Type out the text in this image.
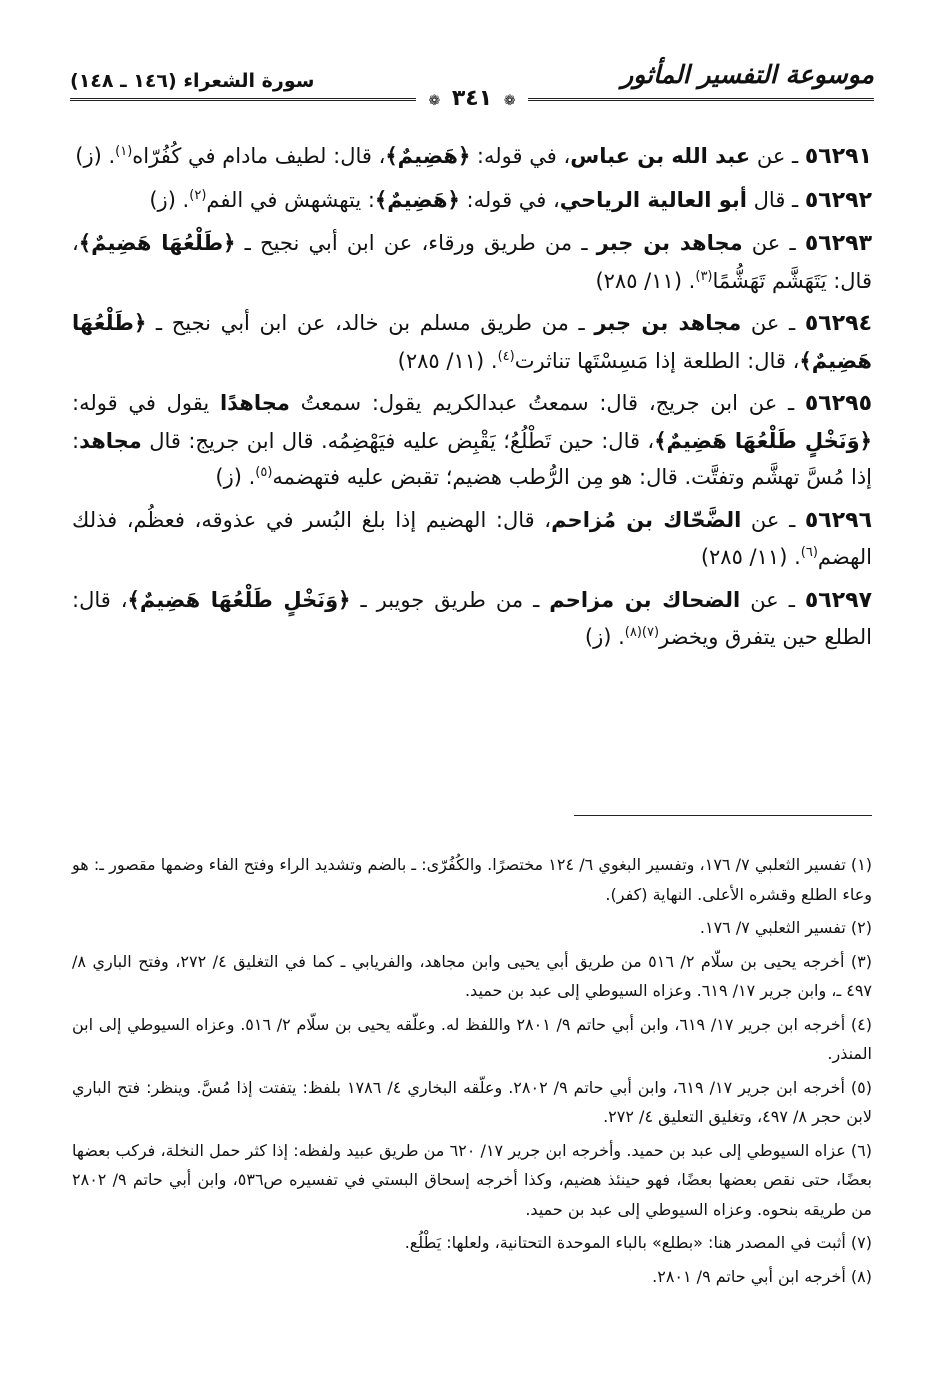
موسوعة التفسير المأثور
سورة الشعراء (١٤٦ ـ ١٤٨)
❁ ٣٤١ ❁

٥٦٢٩١ ـ عن عبد الله بن عباس، في قوله: ﴿هَضِيمٌ﴾، قال: لطيف مادام في كُفُرّاه$^{(١)}$. (ز)

٥٦٢٩٢ ـ قال أبو العالية الرياحي، في قوله: ﴿هَضِيمٌ﴾: يتهشهش في الفم$^{(٢)}$. (ز)

٥٦٢٩٣ ـ عن مجاهد بن جبر ـ من طريق ورقاء، عن ابن أبي نجيح ـ ﴿طَلْعُهَا هَضِيمٌ﴾، قال: يَتَهَشَّم تَهَشُّمًا$^{(٣)}$. (١١/ ٢٨٥)

٥٦٢٩٤ ـ عن مجاهد بن جبر ـ من طريق مسلم بن خالد، عن ابن أبي نجيح ـ ﴿طَلْعُهَا هَضِيمٌ﴾، قال: الطلعة إذا مَسِسْتَها تناثرت$^{(٤)}$. (١١/ ٢٨٥)

٥٦٢٩٥ ـ عن ابن جريج، قال: سمعتُ عبدالكريم يقول: سمعتُ مجاهدًا يقول في قوله: ﴿وَنَخْلٍ طَلْعُهَا هَضِيمٌ﴾، قال: حين تَطْلُعُ؛ يَقْبِض عليه فيَهْضِمُه. قال ابن جريج: قال مجاهد: إذا مُسَّ تهشَّم وتفتَّت. قال: هو مِن الرُّطب هضيم؛ تقبض عليه فتهضمه$^{(٥)}$. (ز)

٥٦٢٩٦ ـ عن الضَّحّاك بن مُزاحم، قال: الهضيم إذا بلغ البُسر في عذوقه، فعظُم، فذلك الهضم$^{(٦)}$. (١١/ ٢٨٥)

٥٦٢٩٧ ـ عن الضحاك بن مزاحم ـ من طريق جويبر ـ ﴿وَنَخْلٍ طَلْعُهَا هَضِيمٌ﴾، قال: الطلع حين يتفرق ويخضر$^{(٧)(٨)}$. (ز)

(١) تفسير الثعلبي ٧/ ١٧٦، وتفسير البغوي ٦/ ١٢٤ مختصرًا. والكُفُرّى: ـ بالضم وتشديد الراء وفتح الفاء وضمها مقصور ـ: هو وعاء الطلع وقشره الأعلى. النهاية (كفر).

(٢) تفسير الثعلبي ٧/ ١٧٦.

(٣) أخرجه يحيى بن سلّام ٢/ ٥١٦ من طريق أبي يحيى وابن مجاهد، والفريابي ـ كما في التغليق ٤/ ٢٧٢، وفتح الباري ٨/ ٤٩٧ ـ، وابن جرير ١٧/ ٦١٩. وعزاه السيوطي إلى عبد بن حميد.

(٤) أخرجه ابن جرير ١٧/ ٦١٩، وابن أبي حاتم ٩/ ٢٨٠١ واللفظ له. وعلّقه يحيى بن سلّام ٢/ ٥١٦. وعزاه السيوطي إلى ابن المنذر.

(٥) أخرجه ابن جرير ١٧/ ٦١٩، وابن أبي حاتم ٩/ ٢٨٠٢. وعلّقه البخاري ٤/ ١٧٨٦ بلفظ: يتفتت إذا مُسَّ. وينظر: فتح الباري لابن حجر ٨/ ٤٩٧، وتغليق التعليق ٤/ ٢٧٢.

(٦) عزاه السيوطي إلى عبد بن حميد. وأخرجه ابن جرير ١٧/ ٦٢٠ من طريق عبيد ولفظه: إذا كثر حمل النخلة، فركب بعضها بعضًا، حتى نقص بعضها بعضًا، فهو حينئذ هضيم، وكذا أخرجه إسحاق البستي في تفسيره ص٥٣٦، وابن أبي حاتم ٩/ ٢٨٠٢ من طريقه بنحوه. وعزاه السيوطي إلى عبد بن حميد.

(٧) أثبت في المصدر هنا: «بطلع» بالباء الموحدة التحتانية، ولعلها: يَطْلُع.

(٨) أخرجه ابن أبي حاتم ٩/ ٢٨٠١.
